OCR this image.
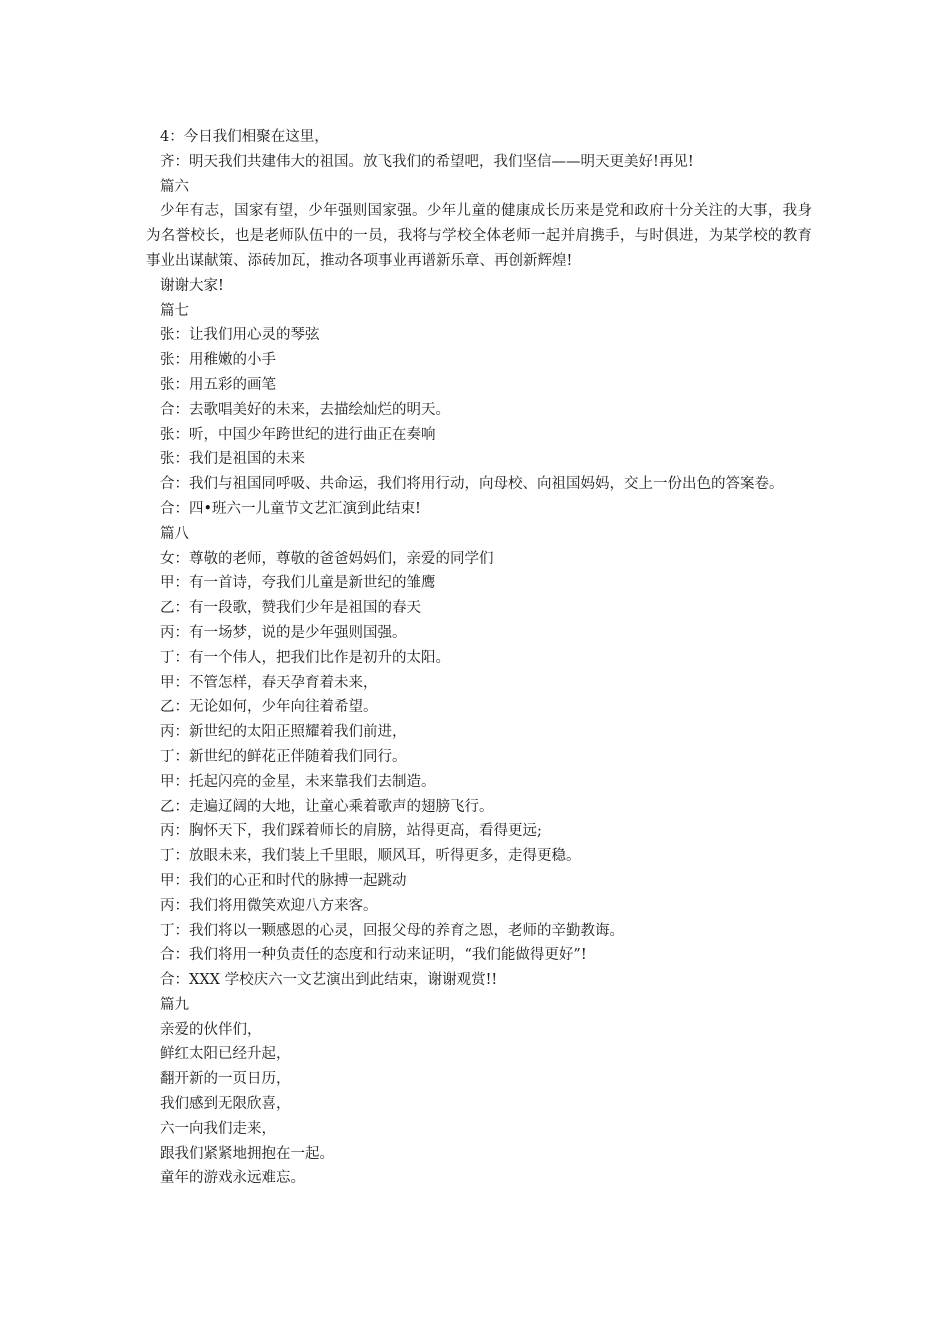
4：今日我们相聚在这里，

齐：明天我们共建伟大的祖国。放飞我们的希望吧，我们坚信——明天更美好!再见!

篇六

少年有志，国家有望，少年强则国家强。少年儿童的健康成长历来是党和政府十分关注的大事，我身为名誉校长，也是老师队伍中的一员，我将与学校全体老师一起并肩携手，与时俱进，为某学校的教育事业出谋献策、添砖加瓦，推动各项事业再谱新乐章、再创新辉煌!

谢谢大家!

篇七

张：让我们用心灵的琴弦

张：用稚嫩的小手

张：用五彩的画笔

合：去歌唱美好的未来，去描绘灿烂的明天。

张：听，中国少年跨世纪的进行曲正在奏响

张：我们是祖国的未来

合：我们与祖国同呼吸、共命运，我们将用行动，向母校、向祖国妈妈，交上一份出色的答案卷。

合：四•班六一儿童节文艺汇演到此结束!

篇八

女：尊敬的老师，尊敬的爸爸妈妈们，亲爱的同学们

甲：有一首诗，夸我们儿童是新世纪的雏鹰

乙：有一段歌，赞我们少年是祖国的春天

丙：有一场梦，说的是少年强则国强。

丁：有一个伟人，把我们比作是初升的太阳。

甲：不管怎样，春天孕育着未来，

乙：无论如何，少年向往着希望。

丙：新世纪的太阳正照耀着我们前进，

丁：新世纪的鲜花正伴随着我们同行。

甲：托起闪亮的金星，未来靠我们去制造。

乙：走遍辽阔的大地，让童心乘着歌声的翅膀飞行。

丙：胸怀天下，我们踩着师长的肩膀，站得更高，看得更远;

丁：放眼未来，我们装上千里眼，顺风耳，听得更多，走得更稳。

甲：我们的心正和时代的脉搏一起跳动

丙：我们将用微笑欢迎八方来客。

丁：我们将以一颗感恩的心灵，回报父母的养育之恩，老师的辛勤教诲。

合：我们将用一种负责任的态度和行动来证明，“我们能做得更好”!

合：XXX 学校庆六一文艺演出到此结束，谢谢观赏!!

篇九

亲爱的伙伴们，

鲜红太阳已经升起，

翻开新的一页日历，

我们感到无限欣喜，

六一向我们走来，

跟我们紧紧地拥抱在一起。

童年的游戏永远难忘。
